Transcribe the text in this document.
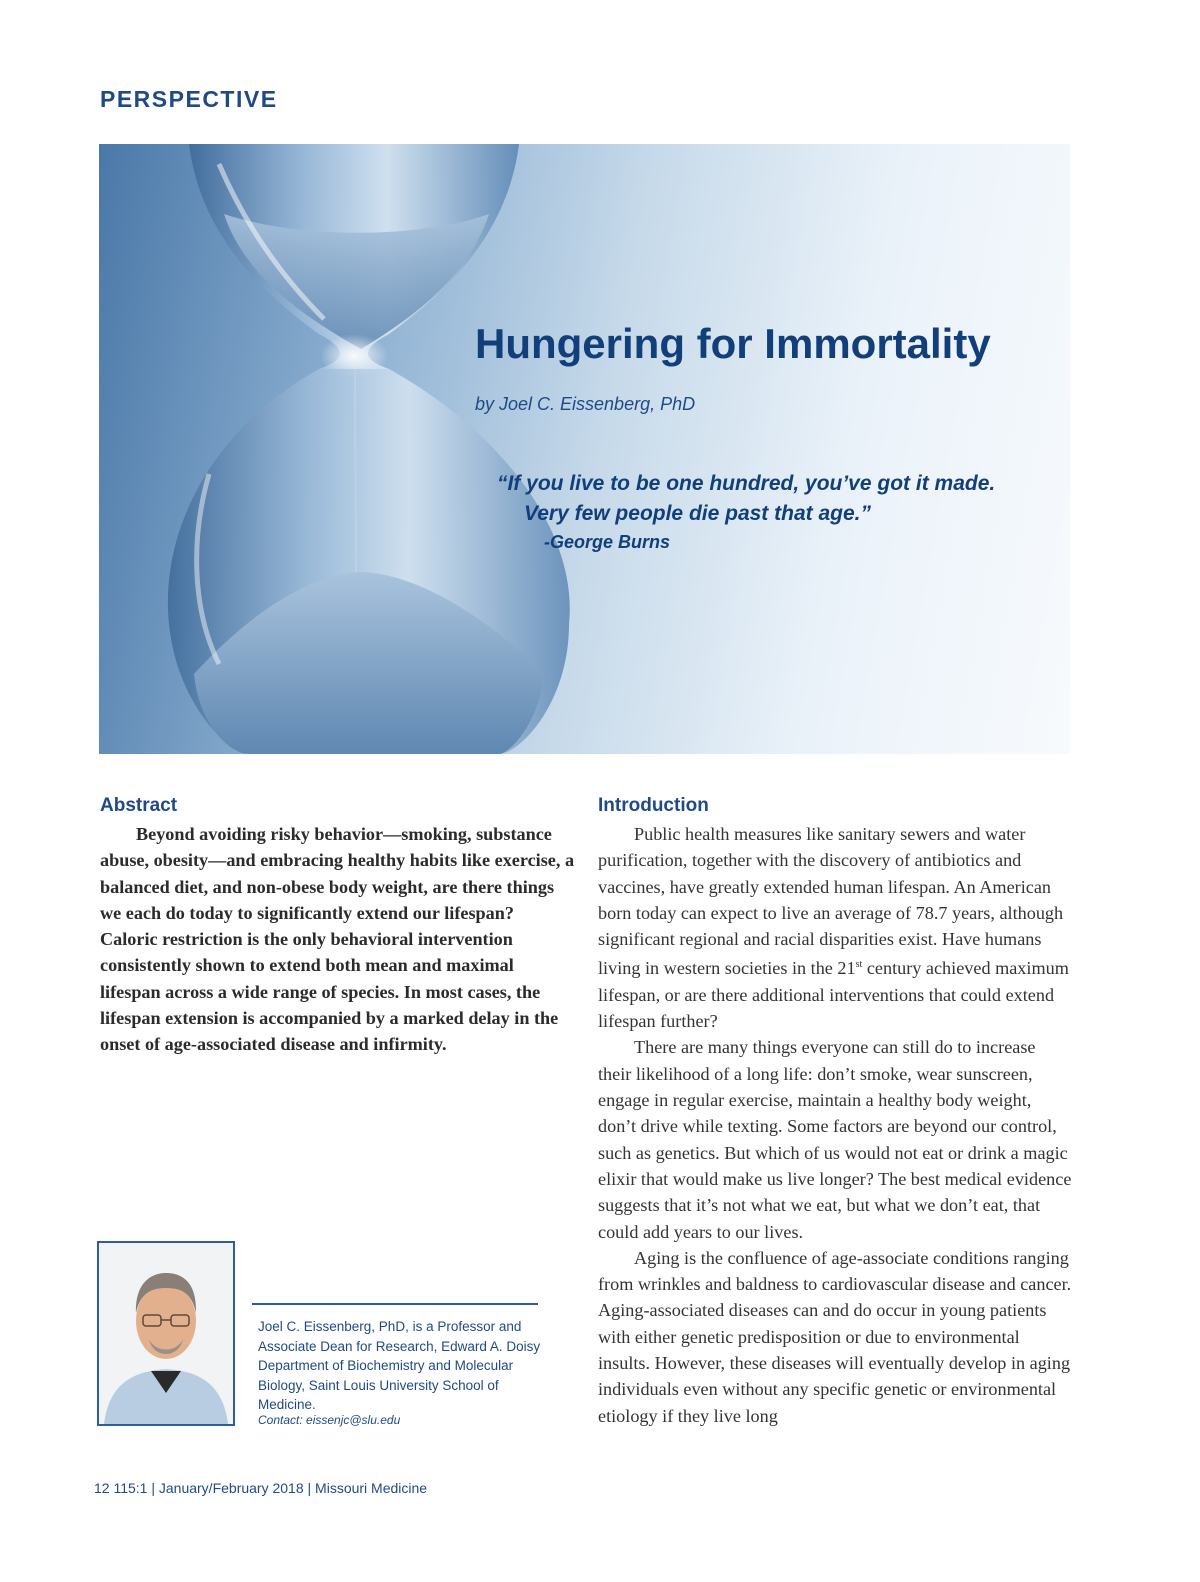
PERSPECTIVE
Hungering for Immortality
by Joel C. Eissenberg, PhD
“If you live to be one hundred, you’ve got it made.
Very few people die past that age.”
-George Burns
Abstract

Beyond avoiding risky behavior—smoking, substance abuse, obesity—and embracing healthy habits like exercise, a balanced diet, and non-obese body weight, are there things we each do today to significantly extend our lifespan? Caloric restriction is the only behavioral intervention consistently shown to extend both mean and maximal lifespan across a wide range of species. In most cases, the lifespan extension is accompanied by a marked delay in the onset of age-associated disease and infirmity.

Introduction

Public health measures like sanitary sewers and water purification, together with the discovery of antibiotics and vaccines, have greatly extended human lifespan. An American born today can expect to live an average of 78.7 years, although significant regional and racial disparities exist. Have humans living in western societies in the 21st century achieved maximum lifespan, or are there additional interventions that could extend lifespan further?

There are many things everyone can still do to increase their likelihood of a long life: don’t smoke, wear sunscreen, engage in regular exercise, maintain a healthy body weight, don’t drive while texting. Some factors are beyond our control, such as genetics. But which of us would not eat or drink a magic elixir that would make us live longer? The best medical evidence suggests that it’s not what we eat, but what we don’t eat, that could add years to our lives.

Aging is the confluence of age-associate conditions ranging from wrinkles and baldness to cardiovascular disease and cancer. Aging-associated diseases can and do occur in young patients with either genetic predisposition or due to environmental insults. However, these diseases will eventually develop in aging individuals even without any specific genetic or environmental etiology if they live long

Joel C. Eissenberg, PhD, is a Professor and Associate Dean for Research, Edward A. Doisy Department of Biochemistry and Molecular Biology, Saint Louis University School of Medicine.

Contact: eissenjc@slu.edu
12 115:1 | January/February 2018 | Missouri Medicine
